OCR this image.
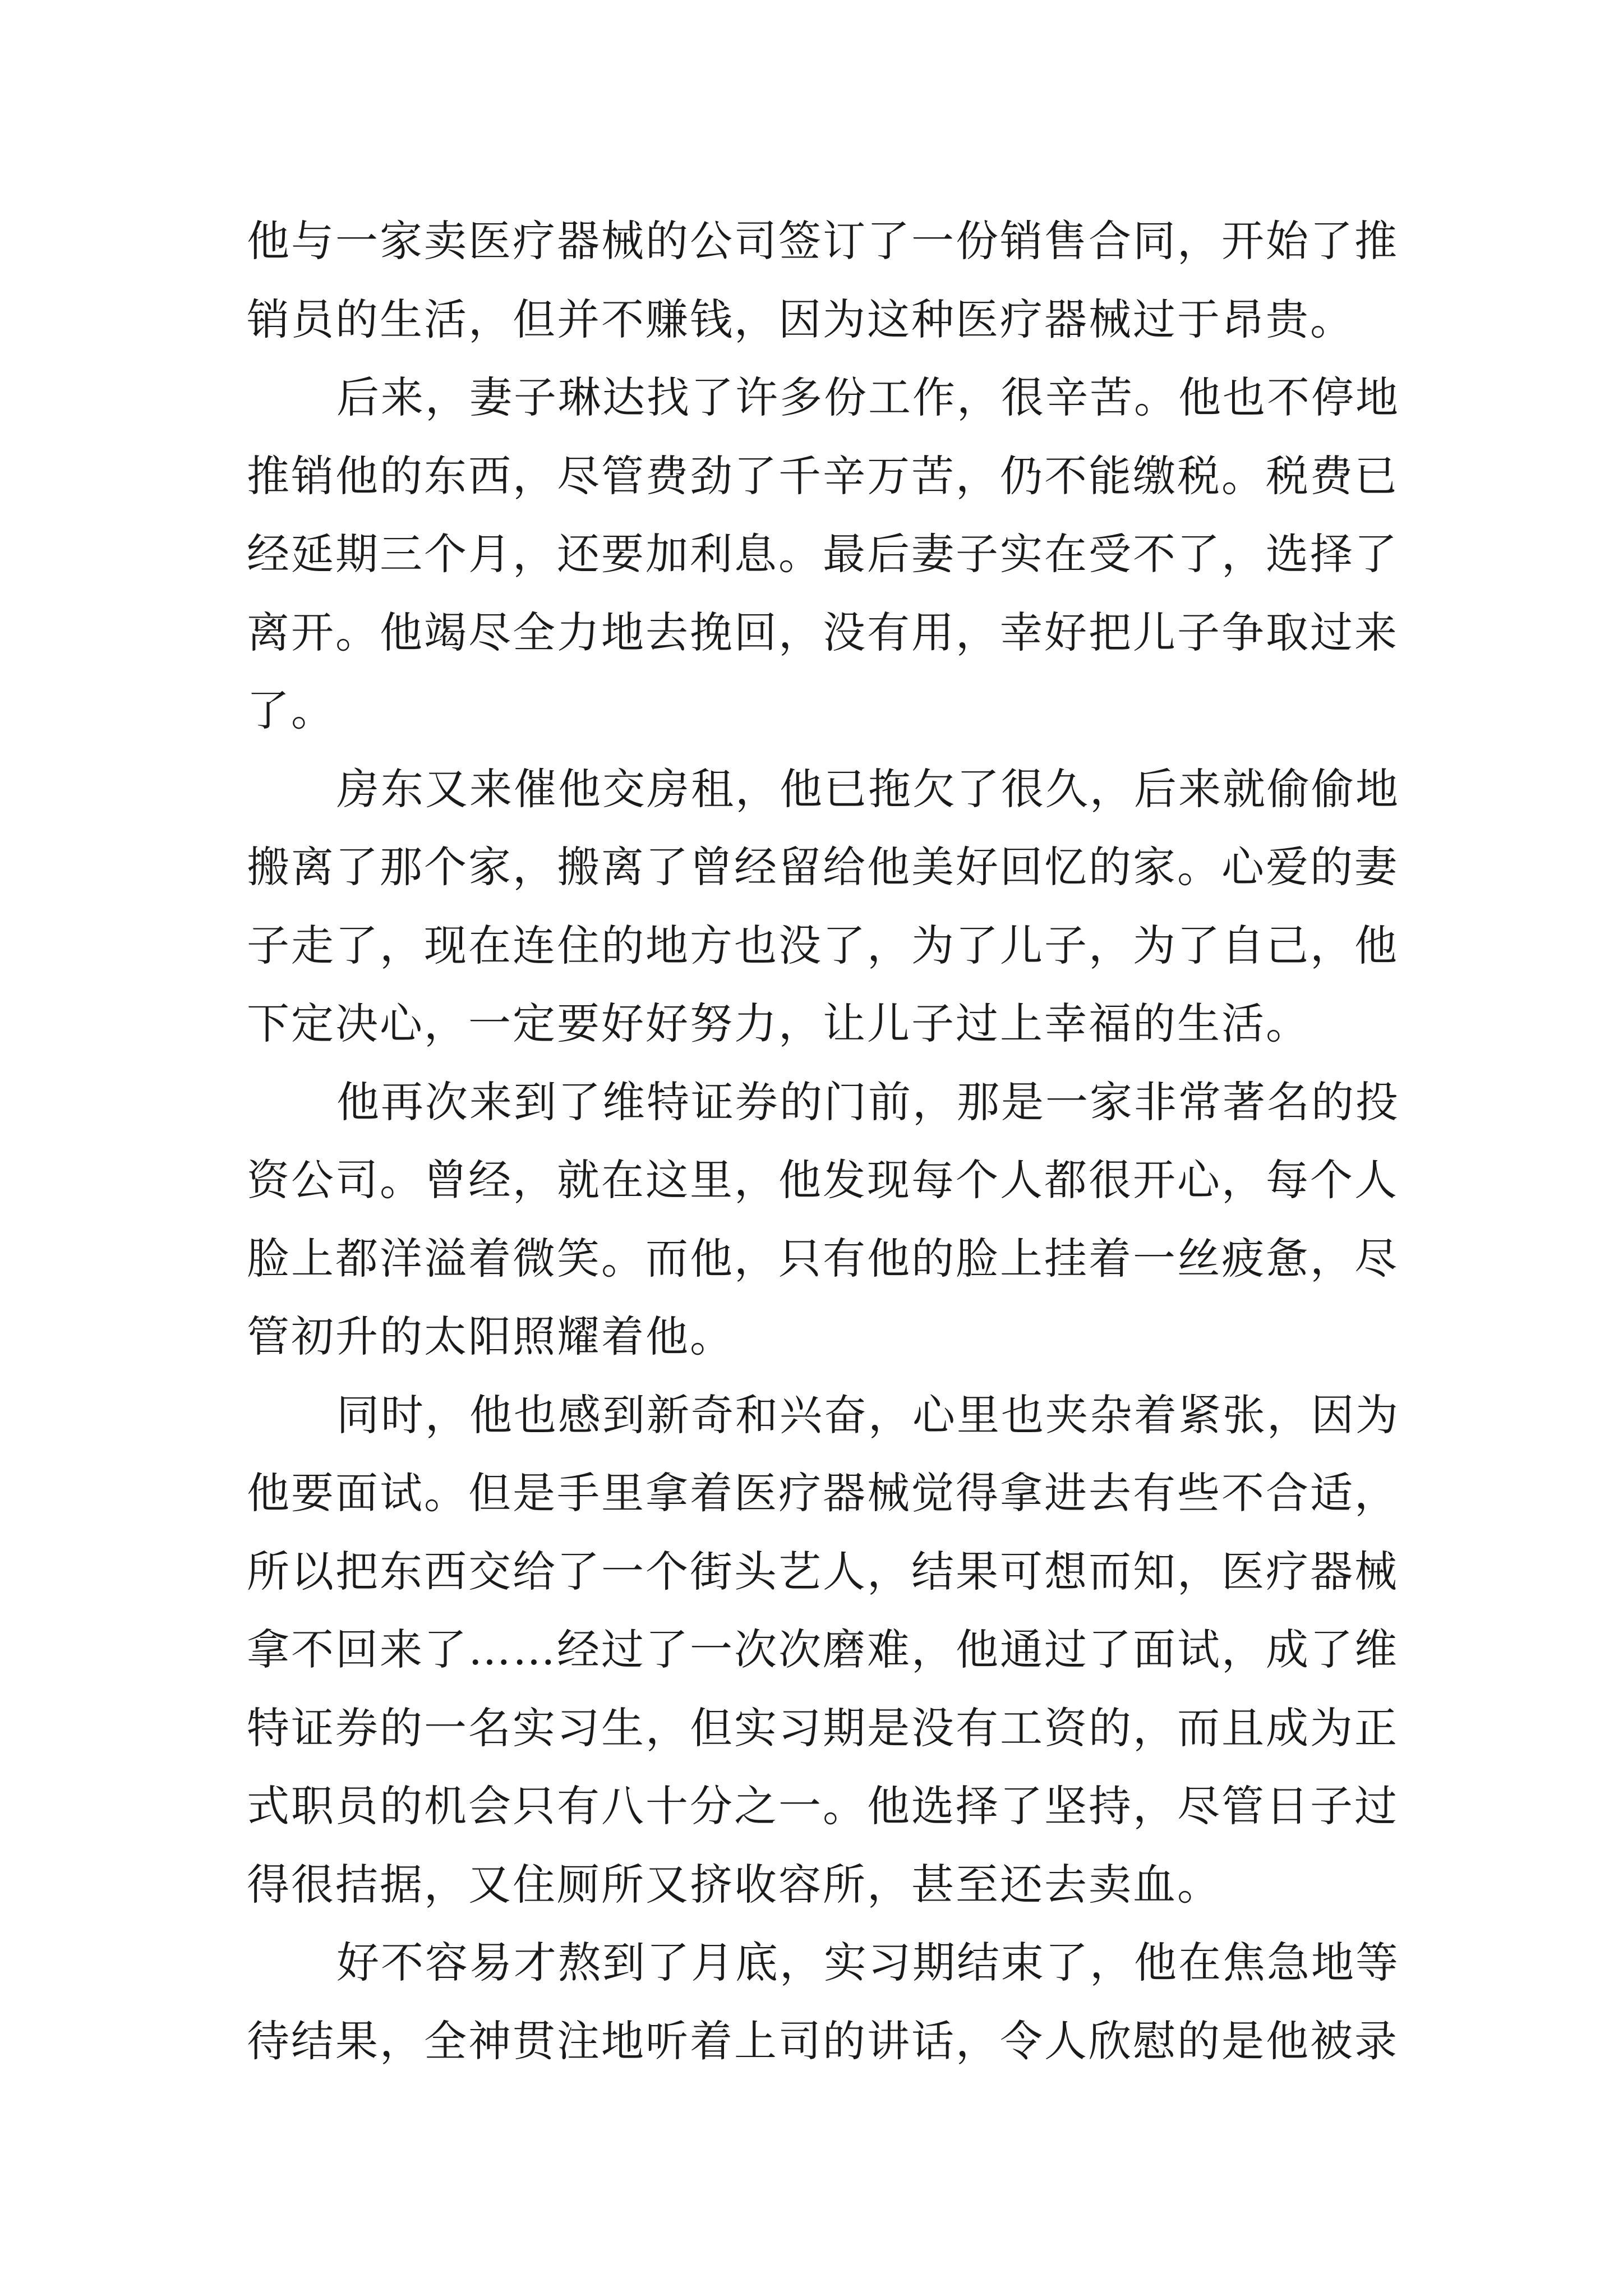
他与一家卖医疗器械的公司签订了一份销售合同，开始了推
销员的生活，但并不赚钱，因为这种医疗器械过于昂贵。
后来，妻子琳达找了许多份工作，很辛苦。他也不停地
推销他的东西，尽管费劲了千辛万苦，仍不能缴税。税费已
经延期三个月，还要加利息。最后妻子实在受不了，选择了
离开。他竭尽全力地去挽回，没有用，幸好把儿子争取过来
了。
房东又来催他交房租，他已拖欠了很久，后来就偷偷地
搬离了那个家，搬离了曾经留给他美好回忆的家。心爱的妻
子走了，现在连住的地方也没了，为了儿子，为了自己，他
下定决心，一定要好好努力，让儿子过上幸福的生活。
他再次来到了维特证券的门前，那是一家非常著名的投
资公司。曾经，就在这里，他发现每个人都很开心，每个人
脸上都洋溢着微笑。而他，只有他的脸上挂着一丝疲惫，尽
管初升的太阳照耀着他。
同时，他也感到新奇和兴奋，心里也夹杂着紧张，因为
他要面试。但是手里拿着医疗器械觉得拿进去有些不合适，
所以把东西交给了一个街头艺人，结果可想而知，医疗器械
拿不回来了……经过了一次次磨难，他通过了面试，成了维
特证券的一名实习生，但实习期是没有工资的，而且成为正
式职员的机会只有八十分之一。他选择了坚持，尽管日子过
得很拮据，又住厕所又挤收容所，甚至还去卖血。
好不容易才熬到了月底，实习期结束了，他在焦急地等
待结果，全神贯注地听着上司的讲话，令人欣慰的是他被录
